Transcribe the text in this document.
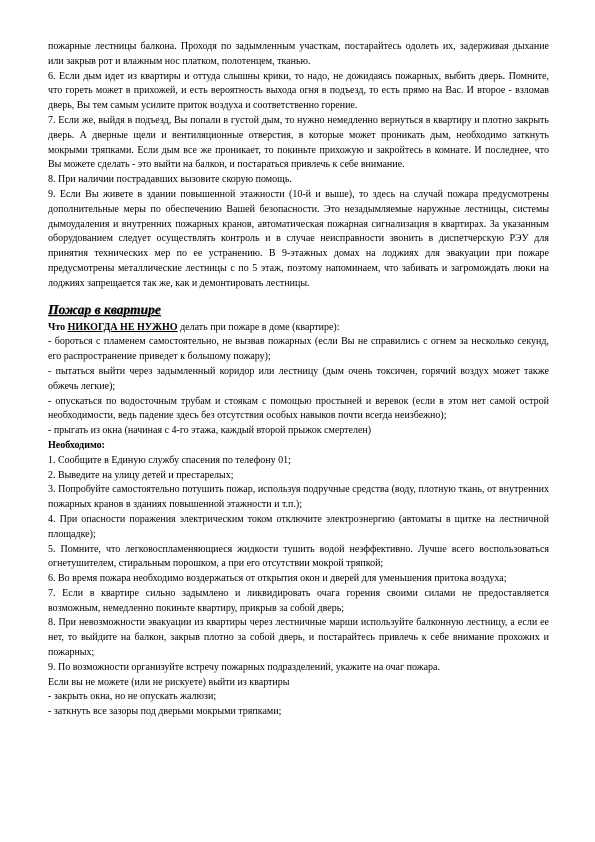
пожарные лестницы балкона. Проходя по задымленным участкам, постарайтесь одолеть их, задерживая дыхание или закрыв рот и влажным нос платком, полотенцем, тканью.

6. Если дым идет из квартиры и оттуда слышны крики, то надо, не дожидаясь пожарных, выбить дверь. Помните, что гореть может в прихожей, и есть вероятность выхода огня в подъезд, то есть прямо на Вас. И второе - взломав дверь, Вы тем самым усилите приток воздуха и соответственно горение.

7. Если же, выйдя в подъезд, Вы попали в густой дым, то нужно немедленно вернуться в квартиру и плотно закрыть дверь. А дверные щели и вентиляционные отверстия, в которые может проникать дым, необходимо заткнуть мокрыми тряпками. Если дым все же проникает, то покиньте прихожую и закройтесь в комнате. И последнее, что Вы можете сделать - это выйти на балкон, и постараться привлечь к себе внимание.

8. При наличии пострадавших вызовите скорую помощь.

9. Если Вы живете в здании повышенной этажности (10-й и выше), то здесь на случай пожара предусмотрены дополнительные меры по обеспечению Вашей безопасности. Это незадымляемые наружные лестницы, системы дымоудаления и внутренних пожарных кранов, автоматическая пожарная сигнализация в квартирах. За указанным оборудованием следует осуществлять контроль и в случае неисправности звонить в диспетчерскую РЭУ для принятия технических мер по ее устранению. В 9-этажных домах на лоджиях для эвакуации при пожаре предусмотрены металлические лестницы с по 5 этаж, поэтому напоминаем, что забивать и загромождать люки на лоджиях запрещается так же, как и демонтировать лестницы.

Пожар в квартире

Что НИКОГДА НЕ НУЖНО делать при пожаре в доме (квартире):

- бороться с пламенем самостоятельно, не вызвав пожарных (если Вы не справились с огнем за несколько секунд, его распространение приведет к большому пожару);

- пытаться выйти через задымленный коридор или лестницу (дым очень токсичен, горячий воздух может также обжечь легкие);

- опускаться по водосточным трубам и стоякам с помощью простыней и веревок (если в этом нет самой острой необходимости, ведь падение здесь без отсутствия особых навыков почти всегда неизбежно);

- прыгать из окна (начиная с 4-го этажа, каждый второй прыжок смертелен)

Необходимо:

1. Сообщите в Единую службу спасения по телефону 01;

2. Выведите на улицу детей и престарелых;

3. Попробуйте самостоятельно потушить пожар, используя подручные средства (воду, плотную ткань, от внутренних пожарных кранов в зданиях повышенной этажности и т.п.);

4. При опасности поражения электрическим током отключите электроэнергию (автоматы в щитке на лестничной площадке);

5. Помните, что легковоспламеняющиеся жидкости тушить водой неэффективно. Лучше всего воспользоваться огнетушителем, стиральным порошком, а при его отсутствии мокрой тряпкой;

6. Во время пожара необходимо воздержаться от открытия окон и дверей для уменьшения притока воздуха;

7. Если в квартире сильно задымлено и ликвидировать очага горения своими силами не предоставляется возможным, немедленно покиньте квартиру, прикрыв за собой дверь;

8. При невозможности эвакуации из квартиры через лестничные марши используйте балконную лестницу, а если ее нет, то выйдите на балкон, закрыв плотно за собой дверь, и постарайтесь привлечь к себе внимание прохожих и пожарных;

9. По возможности организуйте встречу пожарных подразделений, укажите на очаг пожара.

Если вы не можете (или не рискуете) выйти из квартиры

- закрыть окна, но не опускать жалюзи;

- заткнуть все зазоры под дверьми мокрыми тряпками;
